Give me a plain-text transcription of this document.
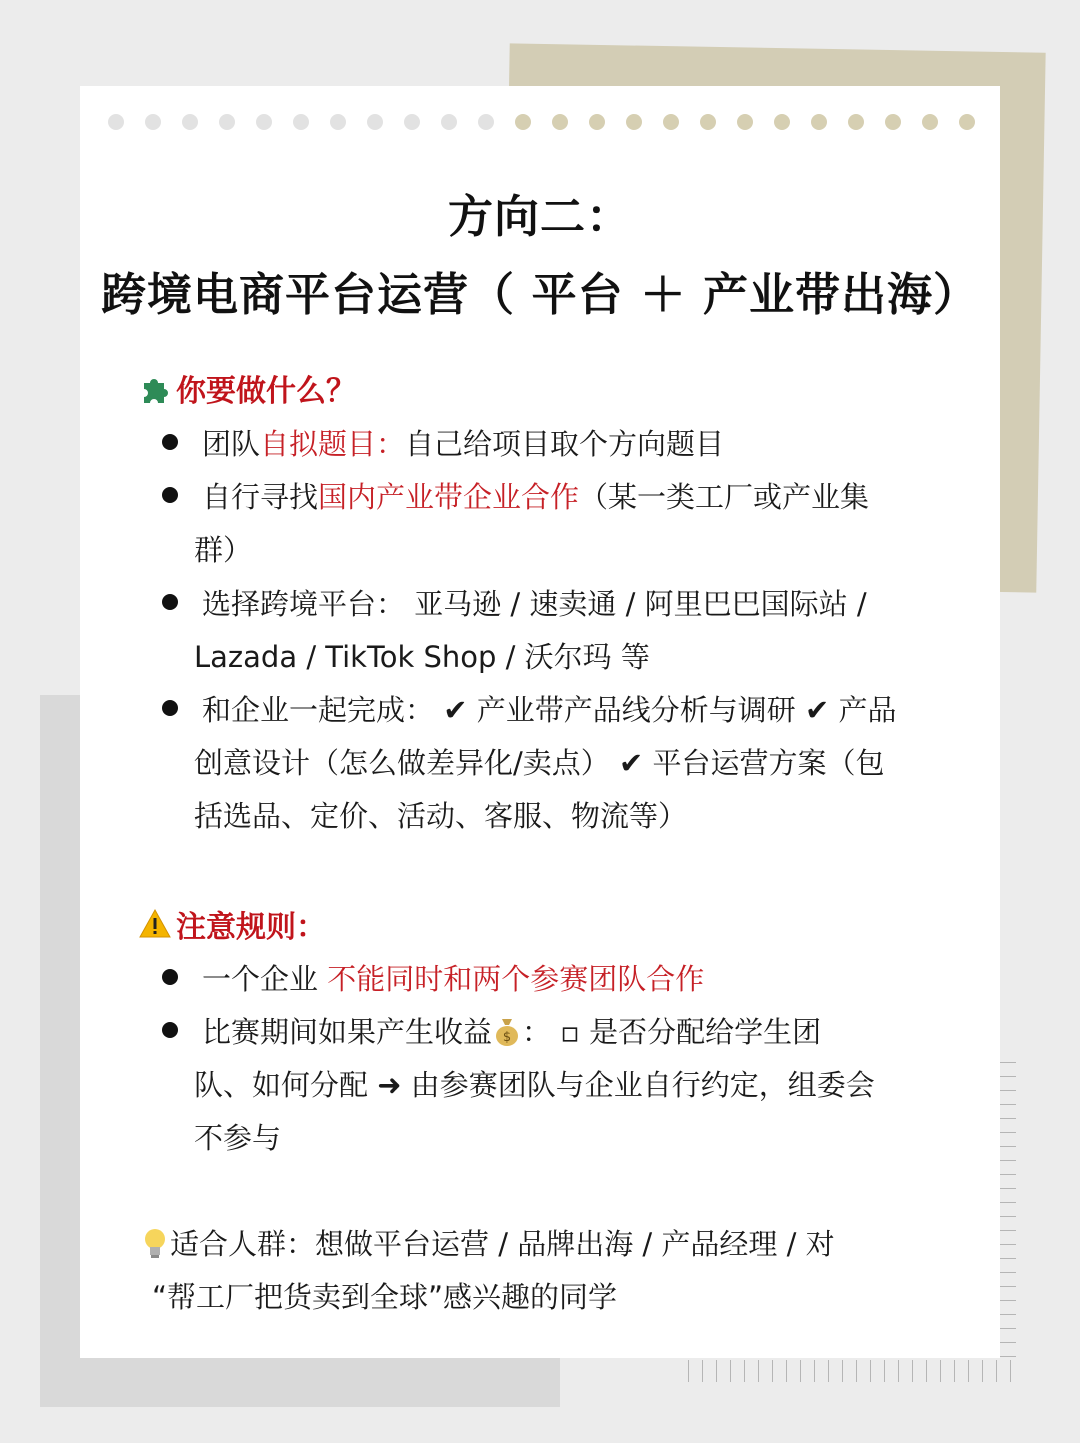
方向二：
跨境电商平台运营（ 平台 ＋ 产业带出海）
你要做什么？
团队自拟题目：自己给项目取个方向题目
自行寻找国内产业带企业合作（某一类工厂或产业集
群）
选择跨境平台： 亚马逊 / 速卖通 / 阿里巴巴国际站 /
Lazada / TikTok Shop / 沃尔玛 等
和企业一起完成： ✔ 产业带产品线分析与调研 ✔ 产品
创意设计（怎么做差异化/卖点） ✔ 平台运营方案（包
括选品、定价、活动、客服、物流等）
注意规则：
一个企业 不能同时和两个参赛团队合作
比赛期间如果产生收益 $ ： ▫ 是否分配给学生团
队、如何分配 ➜ 由参赛团队与企业自行约定，组委会
不参与
适合人群：想做平台运营 / 品牌出海 / 产品经理 / 对
“帮工厂把货卖到全球”感兴趣的同学
